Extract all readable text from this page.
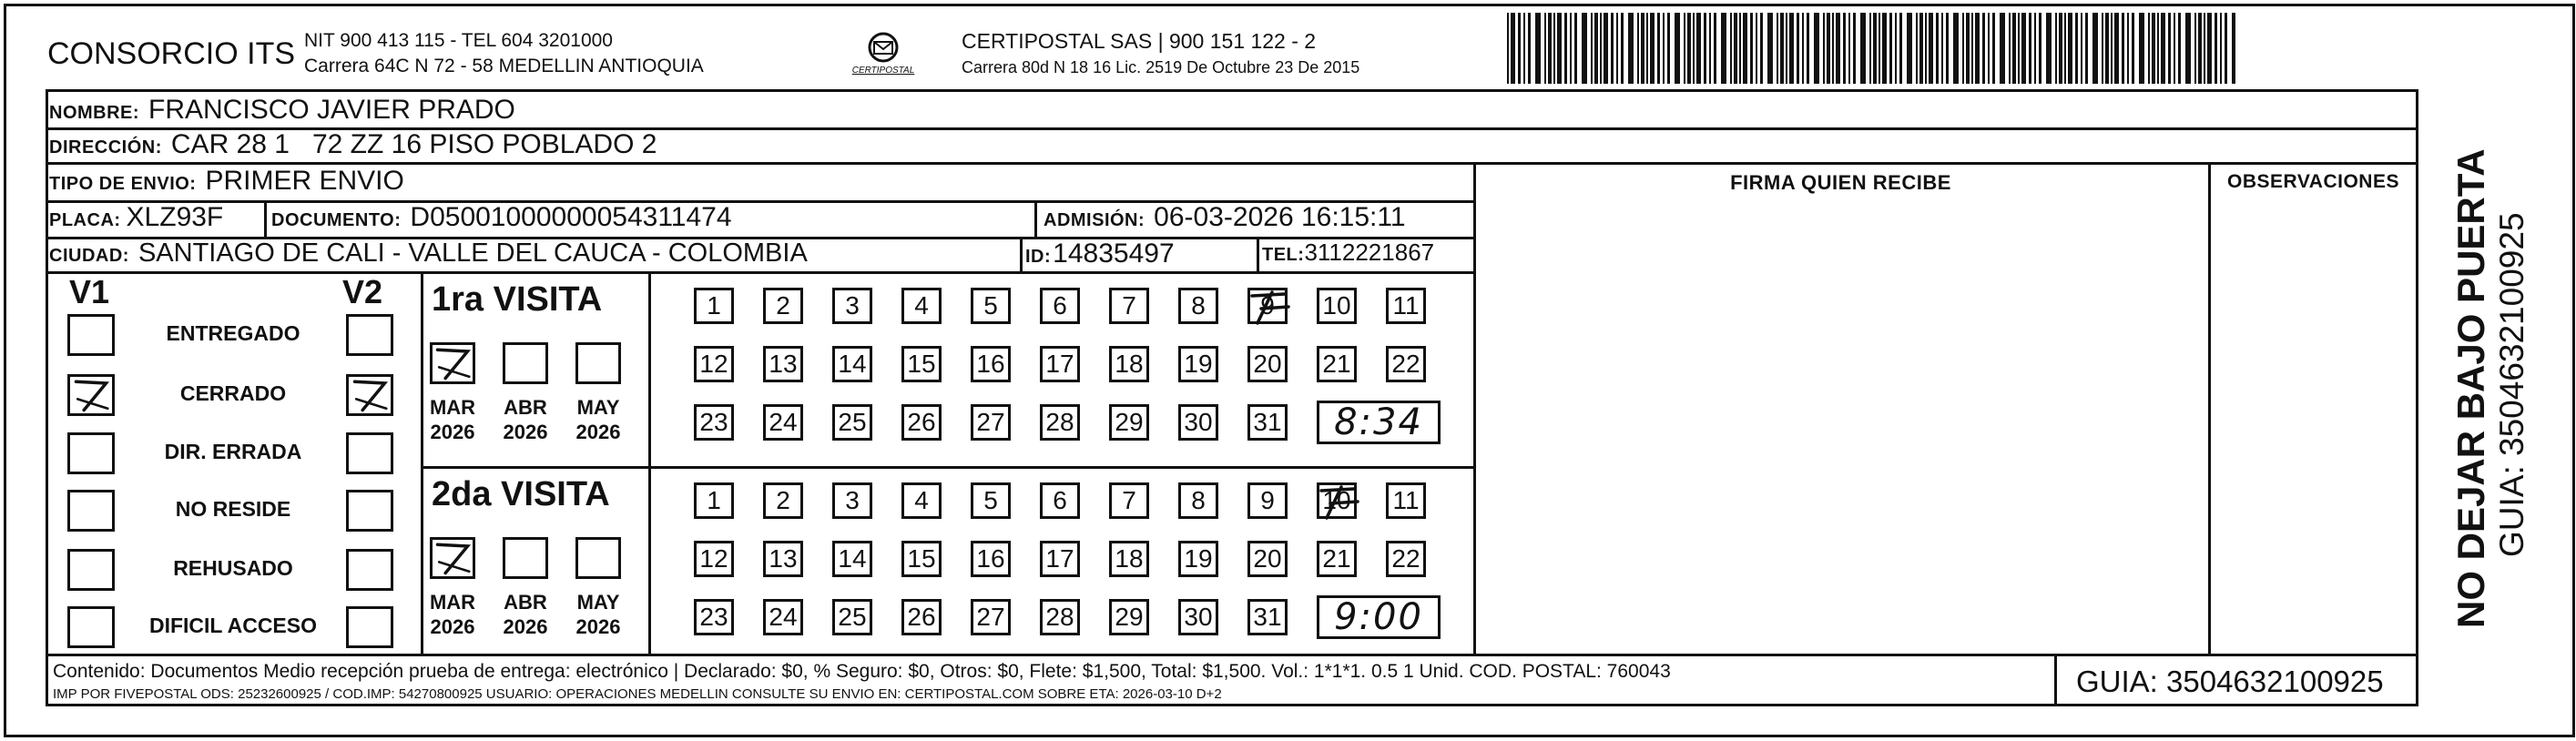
CONSORCIO ITS NIT 900 413 115 - TEL 604 3201000
Carrera 64C N 72 - 58 MEDELLIN ANTIOQUIA	CERTIPOSTAL
CERTIPOSTAL SAS | 900 151 122 - 2
Carrera 80d N 18 16 Lic. 2519 De Octubre 23 De 2015
NOMBRE: FRANCISCO JAVIER PRADO
DIRECCIÓN: CAR 28 1   72 ZZ 16 PISO POBLADO 2
TIPO DE ENVIO: PRIMER ENVIO	FIRMA QUIEN RECIBE	OBSERVACIONES
PLACA: XLZ93F	DOCUMENTO: D05001000000054311474	ADMISIÓN: 06-03-2026 16:15:11
CIUDAD: SANTIAGO DE CALI - VALLE DEL CAUCA - COLOMBIA	ID: 14835497	TEL: 3112221867
V1	V2
ENTREGADO
CERRADO
DIR. ERRADA
NO RESIDE
REHUSADO
DIFICIL ACCESO
1ra VISITA
MAR
2026
ABR
2026
MAY
2026
1	2	3	4	5	6	7	8	9	10 11
12 13 14 15 16 17 18 19 20 21 22
23 24 25 26 27 28 29 30 31 8:34
2da VISITA
MAR
2026
ABR
2026
MAY
2026
1	2	3	4	5	6	7	8	9	10 11
12 13 14 15 16 17 18 19 20 21 22
23 24 25 26 27 28 29 30 31 9:00
Contenido: Documentos Medio recepción prueba de entrega: electrónico | Declarado: $0, % Seguro: $0, Otros: $0, Flete: $1,500, Total: $1,500. Vol.: 1*1*1. 0.5 1 Unid. COD. POSTAL: 760043
IMP POR FIVEPOSTAL ODS: 25232600925 / COD.IMP: 54270800925 USUARIO: OPERACIONES MEDELLIN CONSULTE SU ENVIO EN: CERTIPOSTAL.COM SOBRE ETA: 2026-03-10 D+2	GUIA: 3504632100925
NO DEJAR BAJO PUERTA GUIA: 3504632100925
